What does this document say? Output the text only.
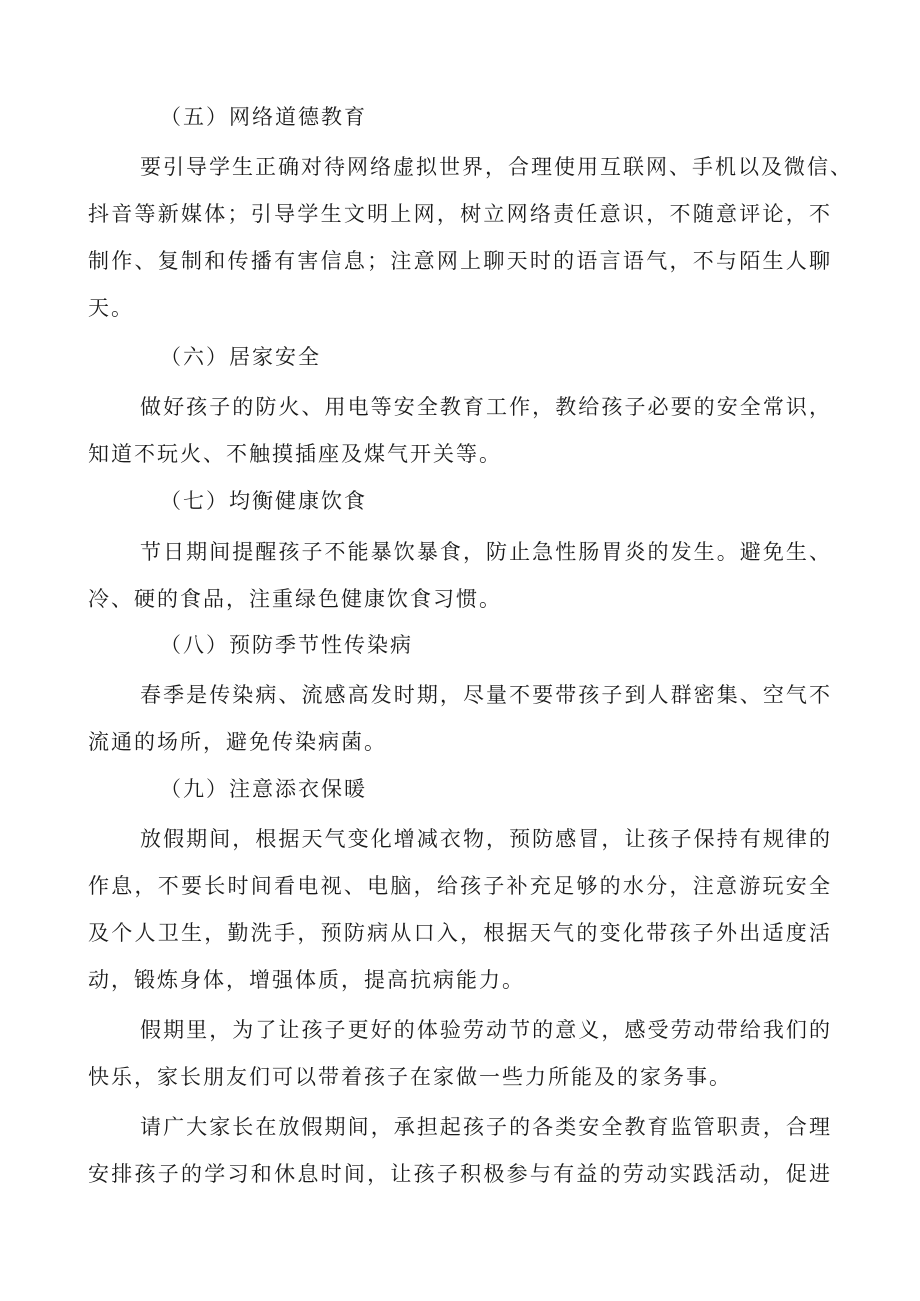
（五）网络道德教育
要引导学生正确对待网络虚拟世界，合理使用互联网、手机以及微信、
抖音等新媒体；引导学生文明上网，树立网络责任意识，不随意评论，不
制作、复制和传播有害信息；注意网上聊天时的语言语气，不与陌生人聊
天。
（六）居家安全
做好孩子的防火、用电等安全教育工作，教给孩子必要的安全常识，
知道不玩火、不触摸插座及煤气开关等。
（七）均衡健康饮食
节日期间提醒孩子不能暴饮暴食，防止急性肠胃炎的发生。避免生、
冷、硬的食品，注重绿色健康饮食习惯。
（八）预防季节性传染病
春季是传染病、流感高发时期，尽量不要带孩子到人群密集、空气不
流通的场所，避免传染病菌。
（九）注意添衣保暖
放假期间，根据天气变化增减衣物，预防感冒，让孩子保持有规律的
作息，不要长时间看电视、电脑，给孩子补充足够的水分，注意游玩安全
及个人卫生，勤洗手，预防病从口入，根据天气的变化带孩子外出适度活
动，锻炼身体，增强体质，提高抗病能力。
假期里，为了让孩子更好的体验劳动节的意义，感受劳动带给我们的
快乐，家长朋友们可以带着孩子在家做一些力所能及的家务事。
请广大家长在放假期间，承担起孩子的各类安全教育监管职责，合理
安排孩子的学习和休息时间，让孩子积极参与有益的劳动实践活动，促进
